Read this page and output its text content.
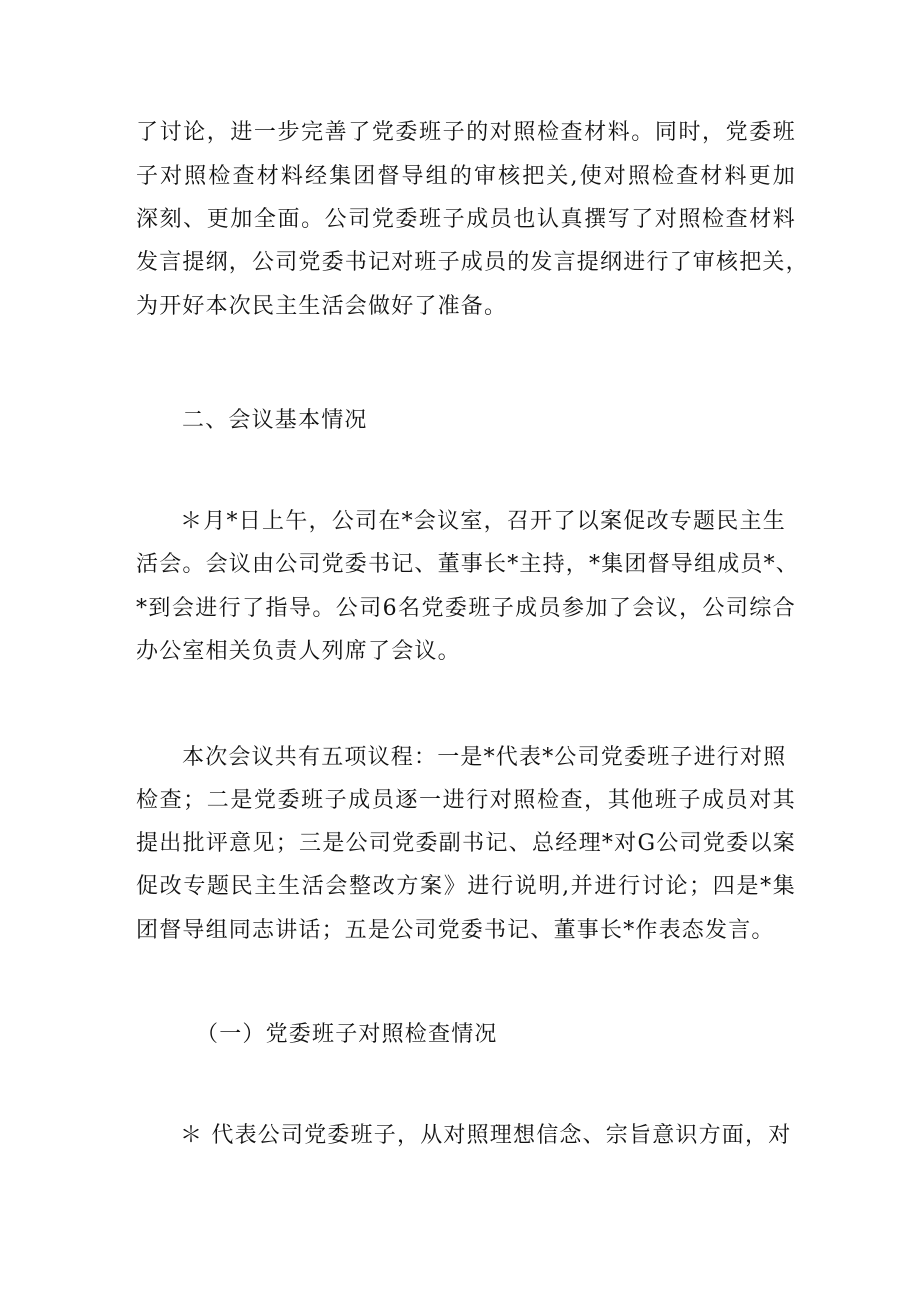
了讨论，进一步完善了党委班子的对照检查材料。同时，党委班
子对照检查材料经集团督导组的审核把关,使对照检查材料更加
深刻、更加全面。公司党委班子成员也认真撰写了对照检查材料
发言提纲，公司党委书记对班子成员的发言提纲进行了审核把关，
为开好本次民主生活会做好了准备。
二、会议基本情况
＊月*日上午，公司在*会议室，召开了以案促改专题民主生
活会。会议由公司党委书记、董事长*主持，*集团督导组成员*、
*到会进行了指导。公司6名党委班子成员参加了会议，公司综合
办公室相关负责人列席了会议。
本次会议共有五项议程：一是*代表*公司党委班子进行对照
检查；二是党委班子成员逐一进行对照检查，其他班子成员对其
提出批评意见；三是公司党委副书记、总经理*对G公司党委以案
促改专题民主生活会整改方案》进行说明,并进行讨论；四是*集
团督导组同志讲话；五是公司党委书记、董事长*作表态发言。
（一）党委班子对照检查情况
＊ 代表公司党委班子，从对照理想信念、宗旨意识方面，对
